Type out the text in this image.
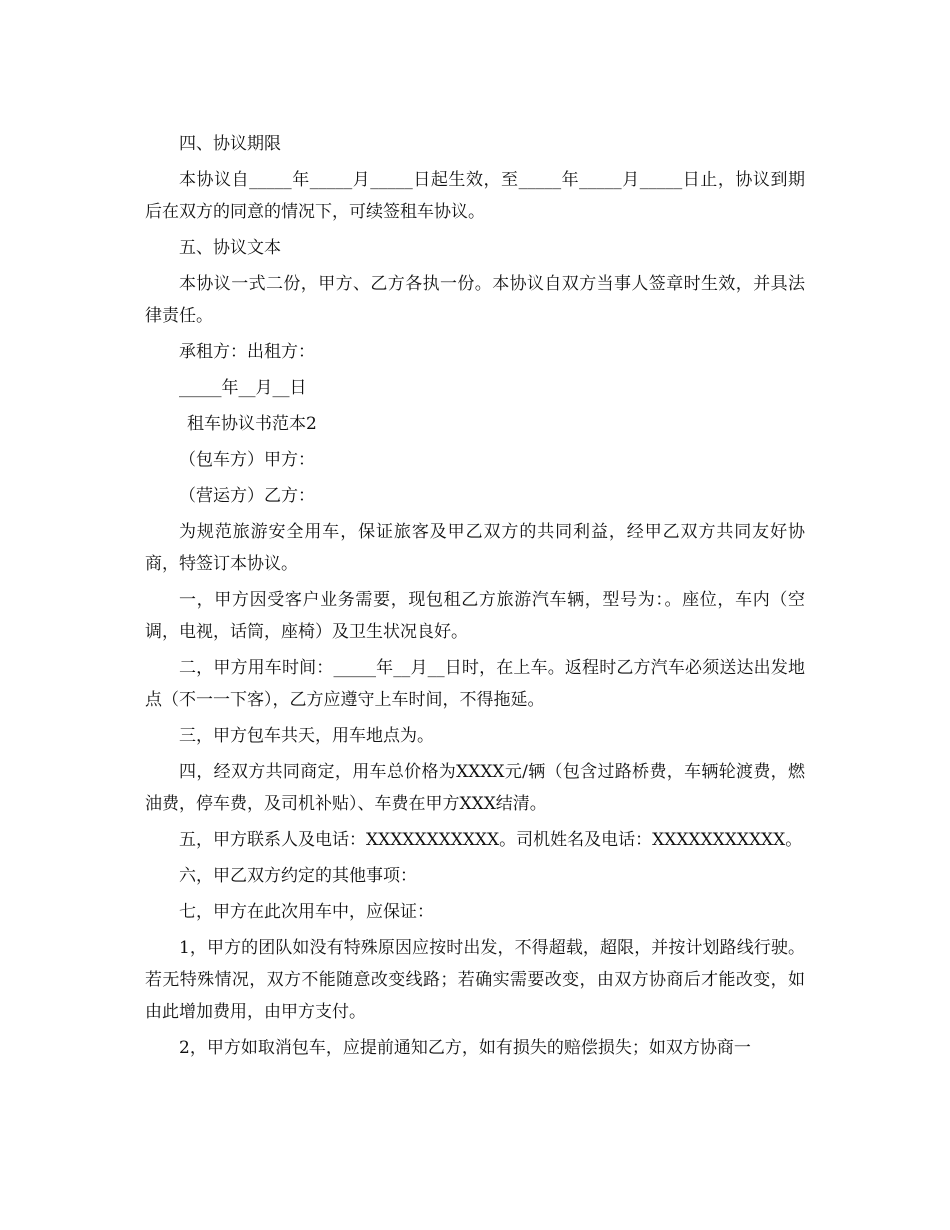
四、协议期限

本协议自_____年_____月_____日起生效，至_____年_____月_____日止，协议到期后在双方的同意的情况下，可续签租车协议。

五、协议文本

本协议一式二份，甲方、乙方各执一份。本协议自双方当事人签章时生效，并具法律责任。

承租方：出租方：

_____年__月__日

租车协议书范本2

（包车方）甲方：

（营运方）乙方：

为规范旅游安全用车，保证旅客及甲乙双方的共同利益，经甲乙双方共同友好协商，特签订本协议。

一，甲方因受客户业务需要，现包租乙方旅游汽车辆，型号为：。座位，车内（空调，电视，话筒，座椅）及卫生状况良好。

二，甲方用车时间：_____年__月__日时，在上车。返程时乙方汽车必须送达出发地点（不一一下客），乙方应遵守上车时间，不得拖延。

三，甲方包车共天，用车地点为。

四，经双方共同商定，用车总价格为XXXX元/辆（包含过路桥费，车辆轮渡费，燃油费，停车费，及司机补贴）、车费在甲方XXX结清。

五，甲方联系人及电话：XXXXXXXXXXX。司机姓名及电话：XXXXXXXXXXX。

六，甲乙双方约定的其他事项：

七，甲方在此次用车中，应保证：

1，甲方的团队如没有特殊原因应按时出发，不得超载，超限，并按计划路线行驶。若无特殊情况，双方不能随意改变线路；若确实需要改变，由双方协商后才能改变，如由此增加费用，由甲方支付。

2，甲方如取消包车，应提前通知乙方，如有损失的赔偿损失；如双方协商一
